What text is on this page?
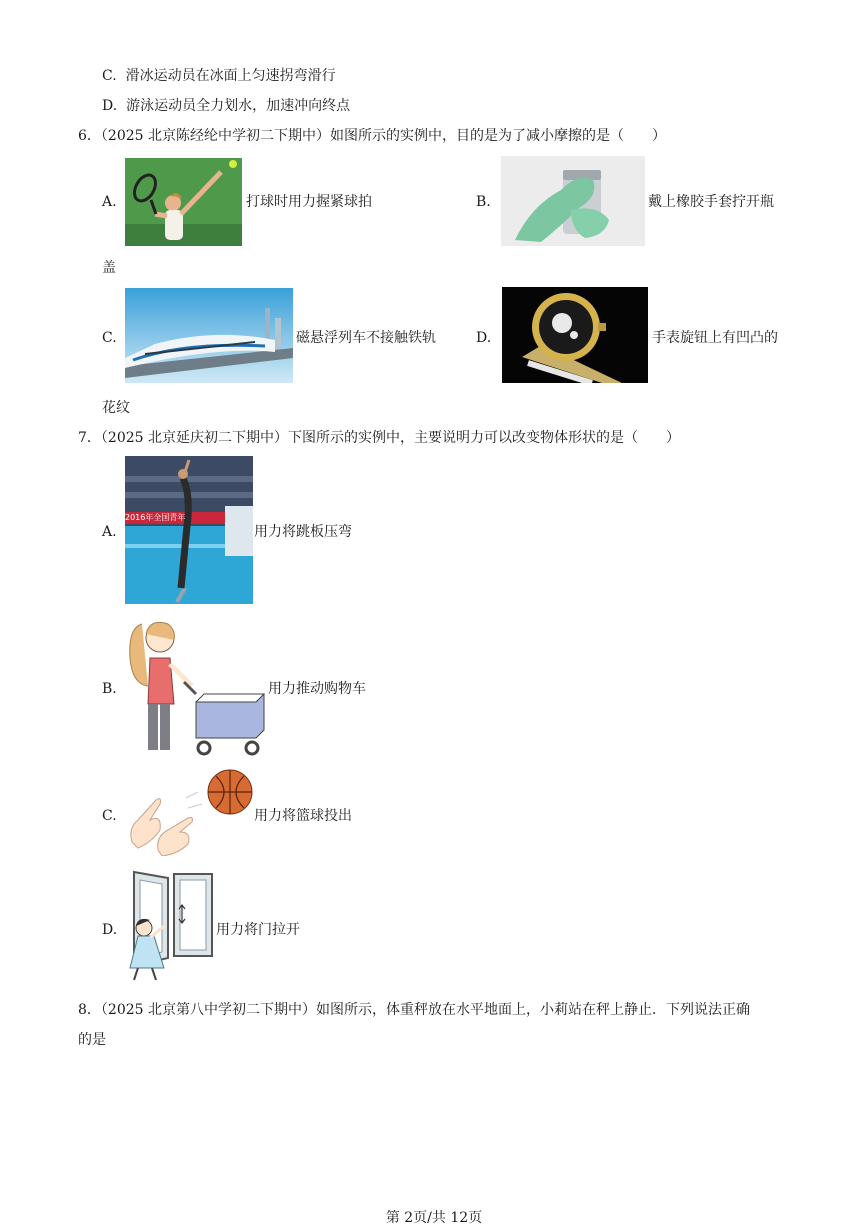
C. 滑冰运动员在冰面上匀速拐弯滑行
D. 游泳运动员全力划水，加速冲向终点
6．（2025 北京陈经纶中学初二下期中）如图所示的实例中，目的是为了减小摩擦的是（　　）
A.	打球时用力握紧球拍	B.	戴上橡胶手套拧开瓶
盖
C.	磁悬浮列车不接触铁轨	D.	手表旋钮上有凹凸的
花纹
7．（2025 北京延庆初二下期中）下图所示的实例中，主要说明力可以改变物体形状的是（　　）
A.
2016年全国青年
用力将跳板压弯
B.	用力推动购物车
C.	用力将篮球投出
D.	用力将门拉开
8．（2025 北京第八中学初二下期中）如图所示，体重秤放在水平地面上，小莉站在秤上静止．下列说法正确
的是
第 2页/共 12页
